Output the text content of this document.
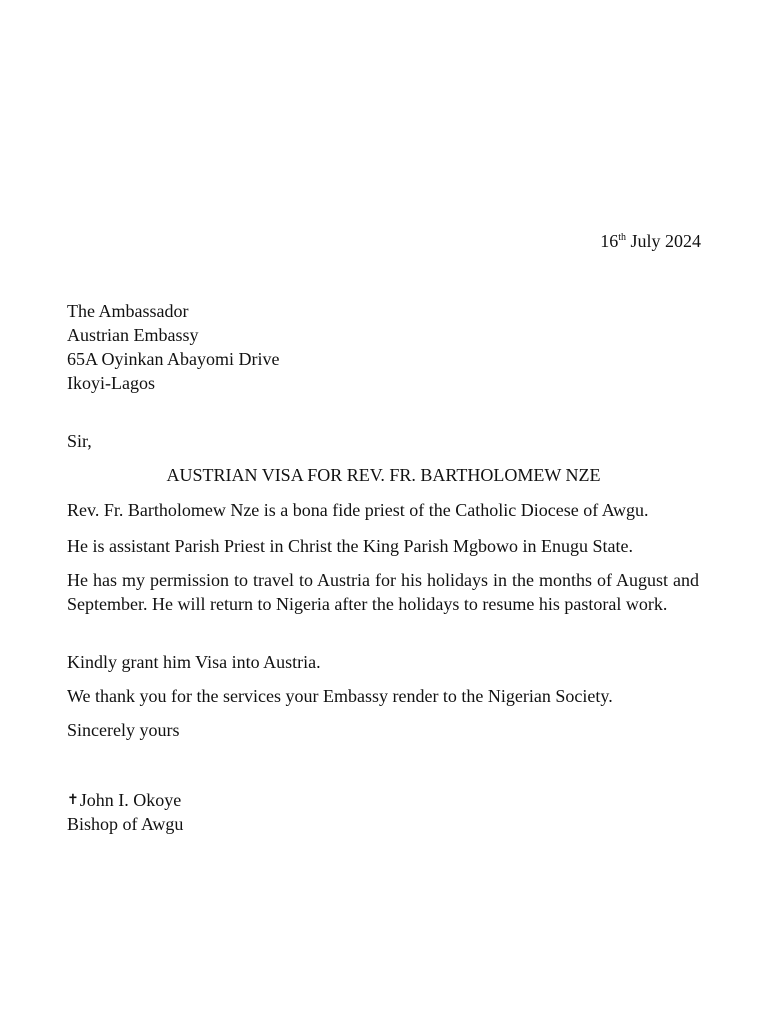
16th July 2024
The Ambassador
Austrian Embassy
65A Oyinkan Abayomi Drive
Ikoyi-Lagos
Sir,
AUSTRIAN VISA FOR REV. FR. BARTHOLOMEW NZE
Rev. Fr. Bartholomew Nze is a bona fide priest of the Catholic Diocese of Awgu.
He is assistant Parish Priest in Christ the King Parish Mgbowo in Enugu State.
He has my permission to travel to Austria for his holidays in the months of August and September. He will return to Nigeria after the holidays to resume his pastoral work.
Kindly grant him Visa into Austria.
We thank you for the services your Embassy render to the Nigerian Society.
Sincerely yours
✝John I. Okoye
Bishop of Awgu
